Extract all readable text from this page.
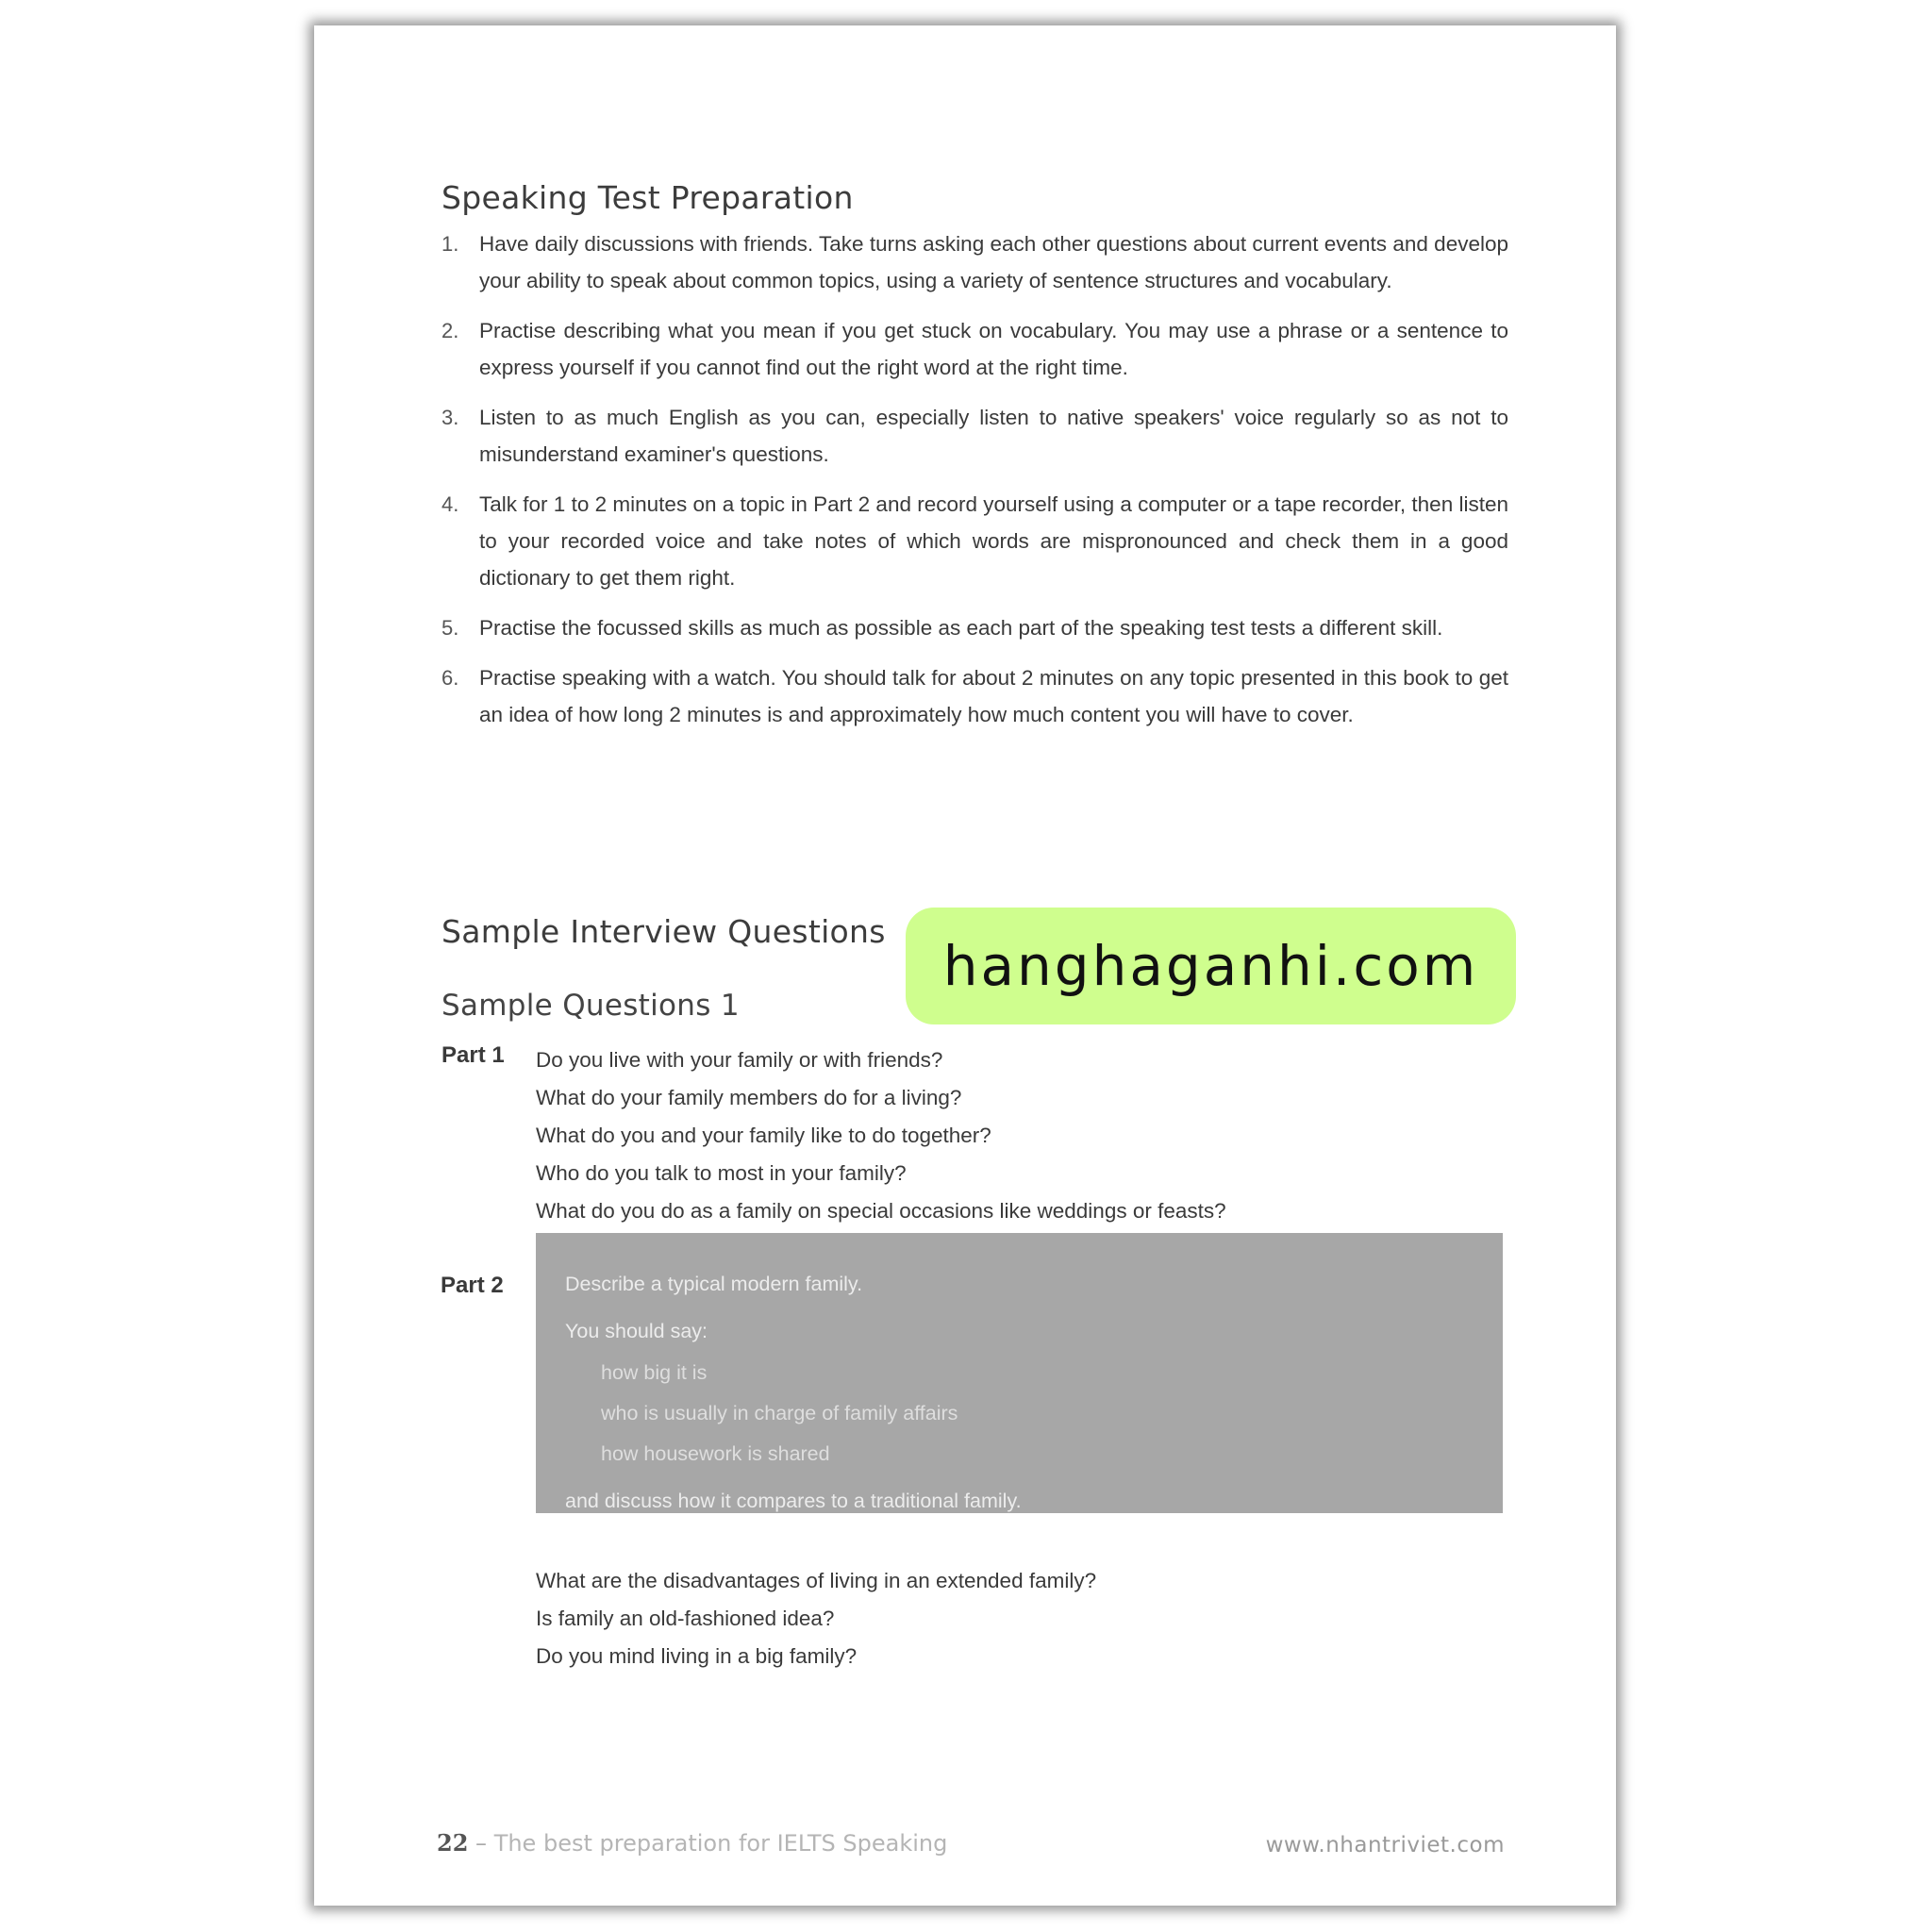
Speaking Test Preparation
1. Have daily discussions with friends. Take turns asking each other questions about current events and develop your ability to speak about common topics, using a variety of sentence structures and vocabulary.
2. Practise describing what you mean if you get stuck on vocabulary. You may use a phrase or a sentence to express yourself if you cannot find out the right word at the right time.
3. Listen to as much English as you can, especially listen to native speakers' voice regularly so as not to misunderstand examiner's questions.
4. Talk for 1 to 2 minutes on a topic in Part 2 and record yourself using a computer or a tape recorder, then listen to your recorded voice and take notes of which words are mispronounced and check them in a good dictionary to get them right.
5. Practise the focussed skills as much as possible as each part of the speaking test tests a different skill.
6. Practise speaking with a watch. You should talk for about 2 minutes on any topic presented in this book to get an idea of how long 2 minutes is and approximately how much content you will have to cover.
Sample Interview Questions
Sample Questions 1
Part 1 Do you live with your family or with friends?
What do your family members do for a living?
What do you and your family like to do together?
Who do you talk to most in your family?
What do you do as a family on special occasions like weddings or feasts?
Part 2	Describe a typical modern family.
You should say:
how big it is
who is usually in charge of family affairs
how housework is shared
and discuss how it compares to a traditional family.
What are the disadvantages of living in an extended family?
Is family an old-fashioned idea?
Do you mind living in a big family?
22 – The best preparation for IELTS Speaking	www.nhantriviet.com
hanghaganhi.com
